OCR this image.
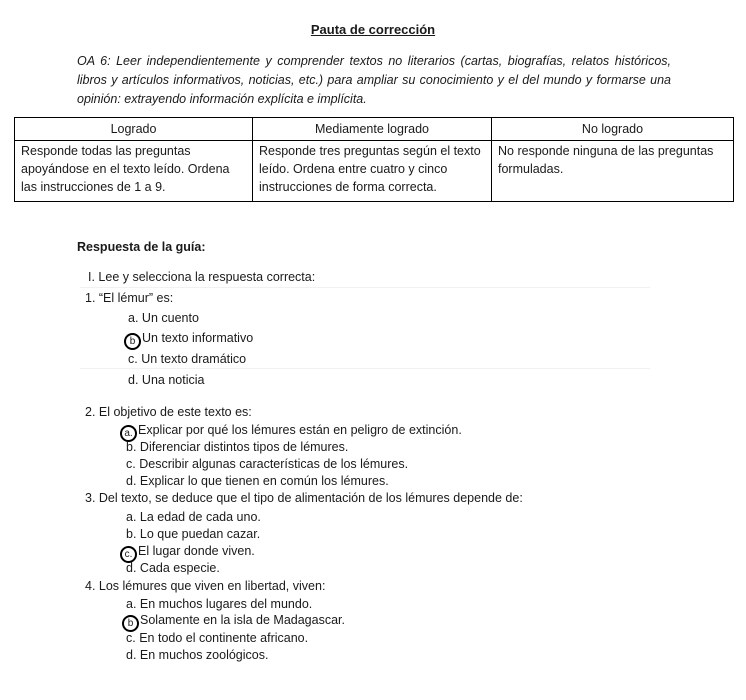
Pauta de corrección
OA 6: Leer independientemente y comprender textos no literarios (cartas, biografías, relatos históricos, libros y artículos informativos, noticias, etc.) para ampliar su conocimiento y el del mundo y formarse una opinión: extrayendo información explícita e implícita.
Logrado	Mediamente logrado	No logrado
Responde todas las preguntas apoyándose en el texto leído. Ordena las instrucciones de 1 a 9.	Responde tres preguntas según el texto leído. Ordena entre cuatro y cinco instrucciones de forma correcta.	No responde ninguna de las preguntas formuladas.
Respuesta de la guía:
I. Lee y selecciona la respuesta correcta:
1. “El lémur” es:
a. Un cuento
b Un texto informativo
c. Un texto dramático
d. Una noticia
2. El objetivo de este texto es:
a. Explicar por qué los lémures están en peligro de extinción.
b. Diferenciar distintos tipos de lémures.
c. Describir algunas características de los lémures.
d. Explicar lo que tienen en común los lémures.
3. Del texto, se deduce que el tipo de alimentación de los lémures depende de:
a. La edad de cada uno.
b. Lo que puedan cazar.
c. El lugar donde viven.
d. Cada especie.
4. Los lémures que viven en libertad, viven:
a. En muchos lugares del mundo.
b Solamente en la isla de Madagascar.
c. En todo el continente africano.
d. En muchos zoológicos.
